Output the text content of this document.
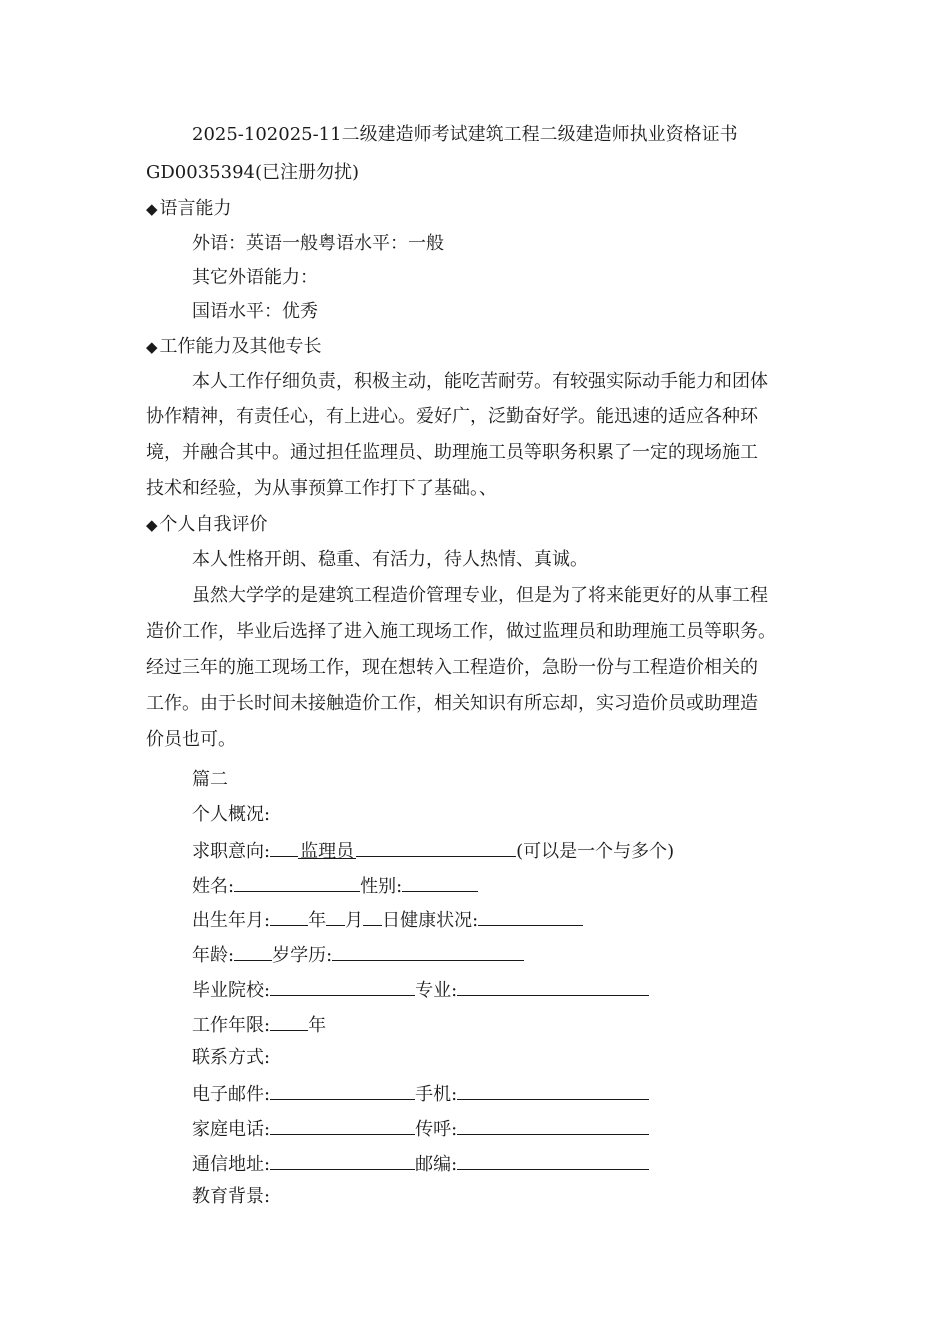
2025-102025-11二级建造师考试建筑工程二级建造师执业资格证书
GD0035394(已注册勿扰)
◆ 语言能力
外语：英语一般粤语水平：一般
其它外语能力：
国语水平：优秀
◆ 工作能力及其他专长
本人工作仔细负责，积极主动，能吃苦耐劳。有较强实际动手能力和团体
协作精神，有责任心，有上进心。爱好广，泛勤奋好学。能迅速的适应各种环
境，并融合其中。通过担任监理员、助理施工员等职务积累了一定的现场施工
技术和经验，为从事预算工作打下了基础。、
◆ 个人自我评价
本人性格开朗、稳重、有活力，待人热情、真诚。
虽然大学学的是建筑工程造价管理专业，但是为了将来能更好的从事工程
造价工作，毕业后选择了进入施工现场工作，做过监理员和助理施工员等职务。
经过三年的施工现场工作，现在想转入工程造价，急盼一份与工程造价相关的
工作。由于长时间未接触造价工作，相关知识有所忘却，实习造价员或助理造
价员也可。
篇二
个人概况:
求职意向: 监理员	(可以是一个与多个)
姓名:	性别:
出生年月: 年 月 日健康状况:
年龄: 岁学历:
毕业院校:	专业:
工作年限: 年
联系方式:
电子邮件:	手机:
家庭电话:	传呼:
通信地址:	邮编:
教育背景:
